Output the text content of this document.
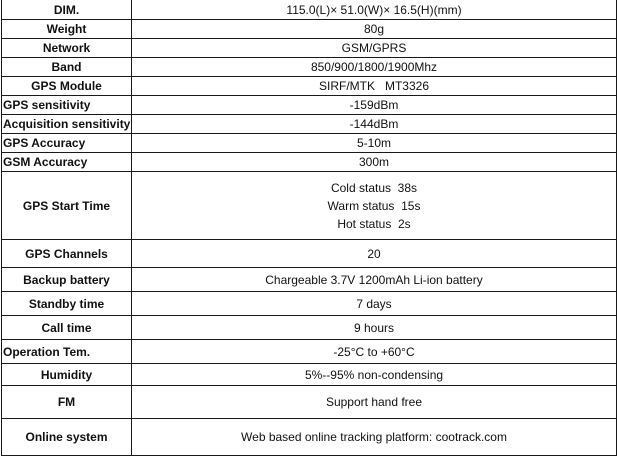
DIM.	115.0(L)× 51.0(W)× 16.5(H)(mm)
Weight	80g
Network	GSM/GPRS
Band	850/900/1800/1900Mhz
GPS Module	SIRF/MTK   MT3326
GPS sensitivity	-159dBm
Acquisition sensitivity	-144dBm
GPS Accuracy	5-10m
GSM Accuracy	300m
GPS Start Time	Cold status  38s
Warm status  15s
Hot status  2s

GPS Channels	20
Backup battery	Chargeable 3.7V 1200mAh Li-ion battery
Standby time	7 days
Call time	9 hours
Operation Tem.	-25°C to +60°C
Humidity	5%--95% non-condensing
FM	Support hand free
Online system	Web based online tracking platform: cootrack.com
